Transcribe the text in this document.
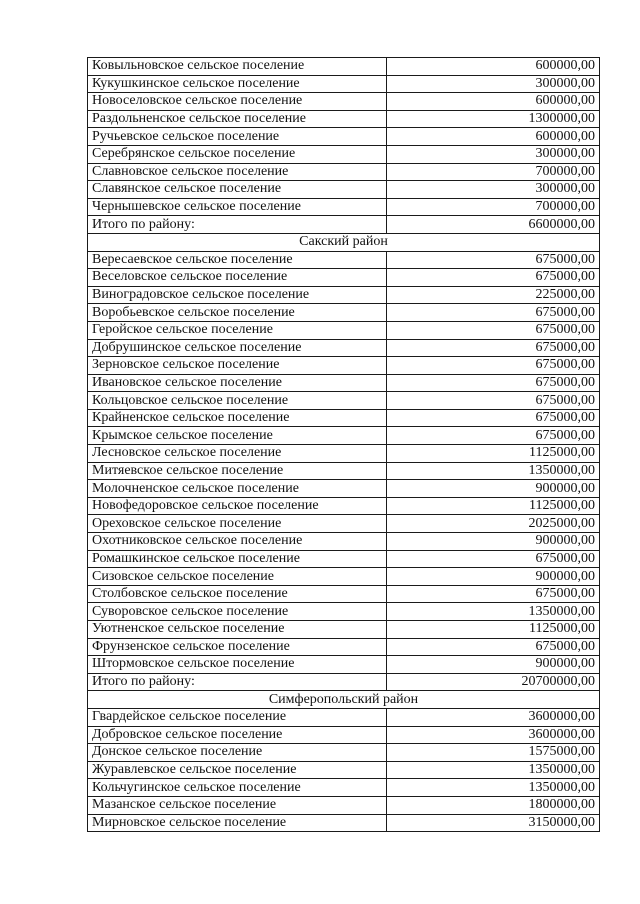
Ковыльновское сельское поселение	600000,00
Кукушкинское сельское поселение	300000,00
Новоселовское сельское поселение	600000,00
Раздольненское сельское поселение	1300000,00
Ручьевское сельское поселение	600000,00
Серебрянское сельское поселение	300000,00
Славновское сельское поселение	700000,00
Славянское сельское поселение	300000,00
Чернышевское сельское поселение	700000,00
Итого по району:	6600000,00
Сакский район	
Вересаевское сельское поселение	675000,00
Веселовское сельское поселение	675000,00
Виноградовское сельское поселение	225000,00
Воробьевское сельское поселение	675000,00
Геройское сельское поселение	675000,00
Добрушинское сельское поселение	675000,00
Зерновское сельское поселение	675000,00
Ивановское сельское поселение	675000,00
Кольцовское сельское поселение	675000,00
Крайненское сельское поселение	675000,00
Крымское сельское поселение	675000,00
Лесновское сельское поселение	1125000,00
Митяевское сельское поселение	1350000,00
Молочненское сельское поселение	900000,00
Новофедоровское сельское поселение	1125000,00
Ореховское сельское поселение	2025000,00
Охотниковское сельское поселение	900000,00
Ромашкинское сельское поселение	675000,00
Сизовское сельское поселение	900000,00
Столбовское сельское поселение	675000,00
Суворовское сельское поселение	1350000,00
Уютненское сельское поселение	1125000,00
Фрунзенское сельское поселение	675000,00
Штормовское сельское поселение	900000,00
Итого по району:	20700000,00
Симферопольский район	
Гвардейское сельское поселение	3600000,00
Добровское сельское поселение	3600000,00
Донское сельское поселение	1575000,00
Журавлевское сельское поселение	1350000,00
Кольчугинское сельское поселение	1350000,00
Мазанское сельское поселение	1800000,00
Мирновское сельское поселение	3150000,00
